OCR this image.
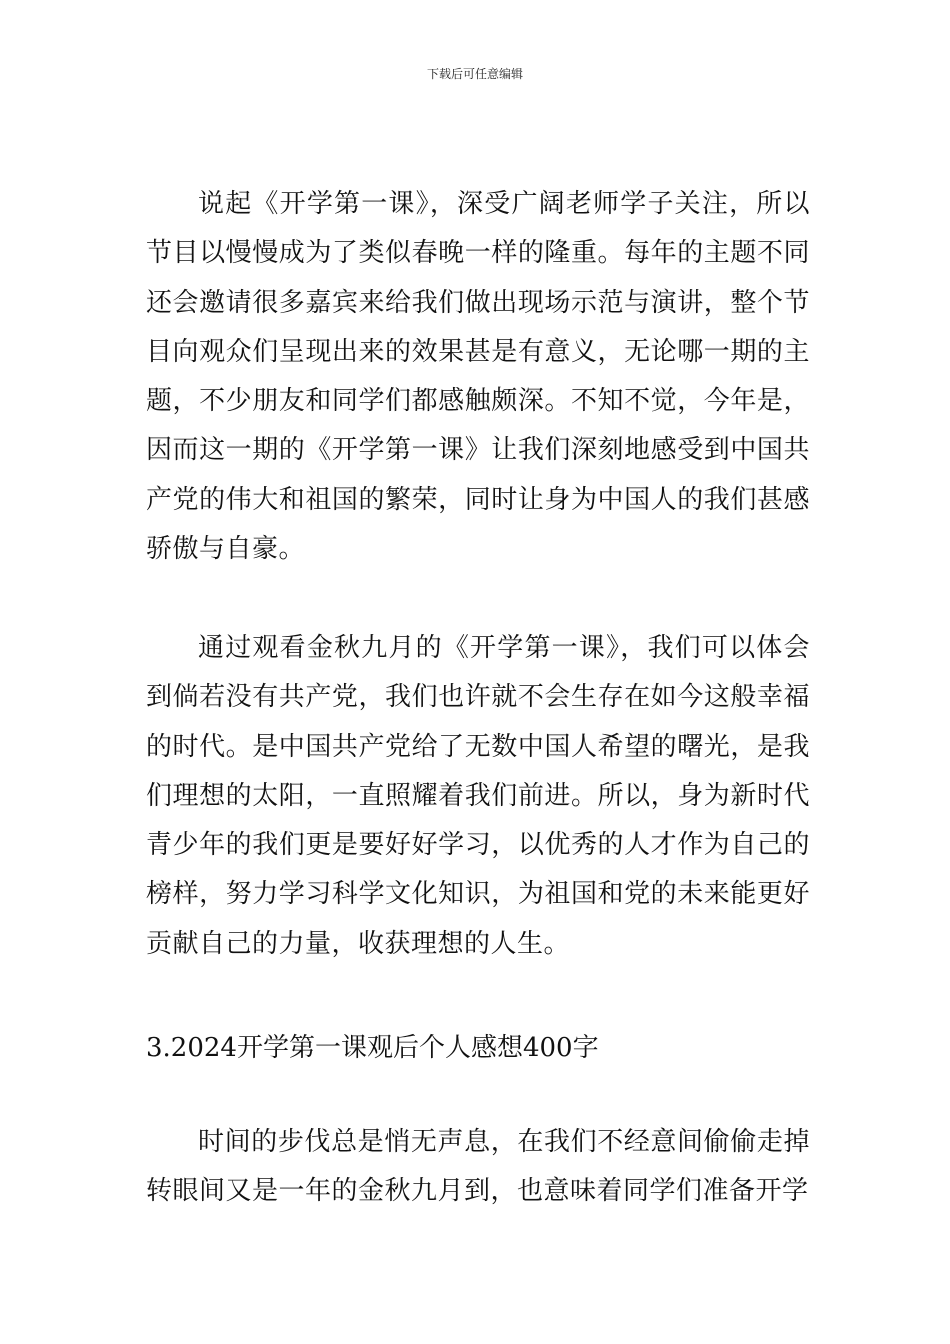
下载后可任意编辑

说起《开学第一课》，深受广阔老师学子关注，所以节目以慢慢成为了类似春晚一样的隆重。每年的主题不同还会邀请很多嘉宾来给我们做出现场示范与演讲，整个节目向观众们呈现出来的效果甚是有意义，无论哪一期的主题，不少朋友和同学们都感触颇深。不知不觉，今年是，因而这一期的《开学第一课》让我们深刻地感受到中国共产党的伟大和祖国的繁荣，同时让身为中国人的我们甚感骄傲与自豪。

通过观看金秋九月的《开学第一课》，我们可以体会到倘若没有共产党，我们也许就不会生存在如今这般幸福的时代。是中国共产党给了无数中国人希望的曙光，是我们理想的太阳，一直照耀着我们前进。所以，身为新时代青少年的我们更是要好好学习，以优秀的人才作为自己的榜样，努力学习科学文化知识，为祖国和党的未来能更好贡献自己的力量，收获理想的人生。

3.2024开学第一课观后个人感想400字

时间的步伐总是悄无声息，在我们不经意间偷偷走掉转眼间又是一年的金秋九月到，也意味着同学们准备开学
